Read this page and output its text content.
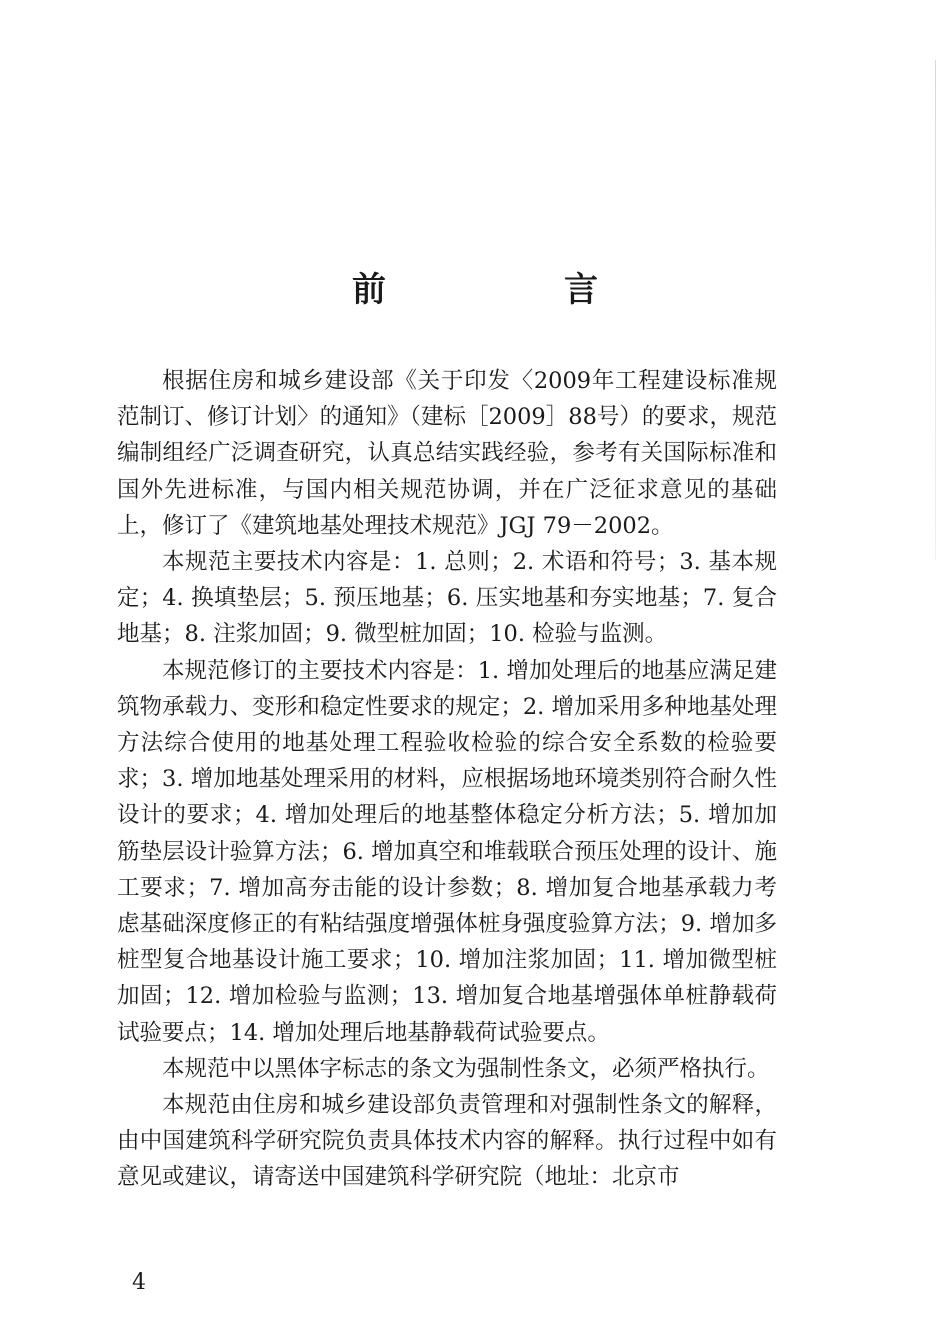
前　言

根据住房和城乡建设部《关于印发〈2009年工程建设标准规范制订、修订计划〉的通知》（建标［2009］88号）的要求，规范编制组经广泛调查研究，认真总结实践经验，参考有关国际标准和国外先进标准，与国内相关规范协调，并在广泛征求意见的基础上，修订了《建筑地基处理技术规范》JGJ 79－2002。

本规范主要技术内容是：1. 总则；2. 术语和符号；3. 基本规定；4. 换填垫层；5. 预压地基；6. 压实地基和夯实地基；7. 复合地基；8. 注浆加固；9. 微型桩加固；10. 检验与监测。

本规范修订的主要技术内容是：1. 增加处理后的地基应满足建筑物承载力、变形和稳定性要求的规定；2. 增加采用多种地基处理方法综合使用的地基处理工程验收检验的综合安全系数的检验要求；3. 增加地基处理采用的材料，应根据场地环境类别符合耐久性设计的要求；4. 增加处理后的地基整体稳定分析方法；5. 增加加筋垫层设计验算方法；6. 增加真空和堆载联合预压处理的设计、施工要求；7. 增加高夯击能的设计参数；8. 增加复合地基承载力考虑基础深度修正的有粘结强度增强体桩身强度验算方法；9. 增加多桩型复合地基设计施工要求；10. 增加注浆加固；11. 增加微型桩加固；12. 增加检验与监测；13. 增加复合地基增强体单桩静载荷试验要点；14. 增加处理后地基静载荷试验要点。

本规范中以黑体字标志的条文为强制性条文，必须严格执行。

本规范由住房和城乡建设部负责管理和对强制性条文的解释，由中国建筑科学研究院负责具体技术内容的解释。执行过程中如有意见或建议，请寄送中国建筑科学研究院（地址：北京市

4
